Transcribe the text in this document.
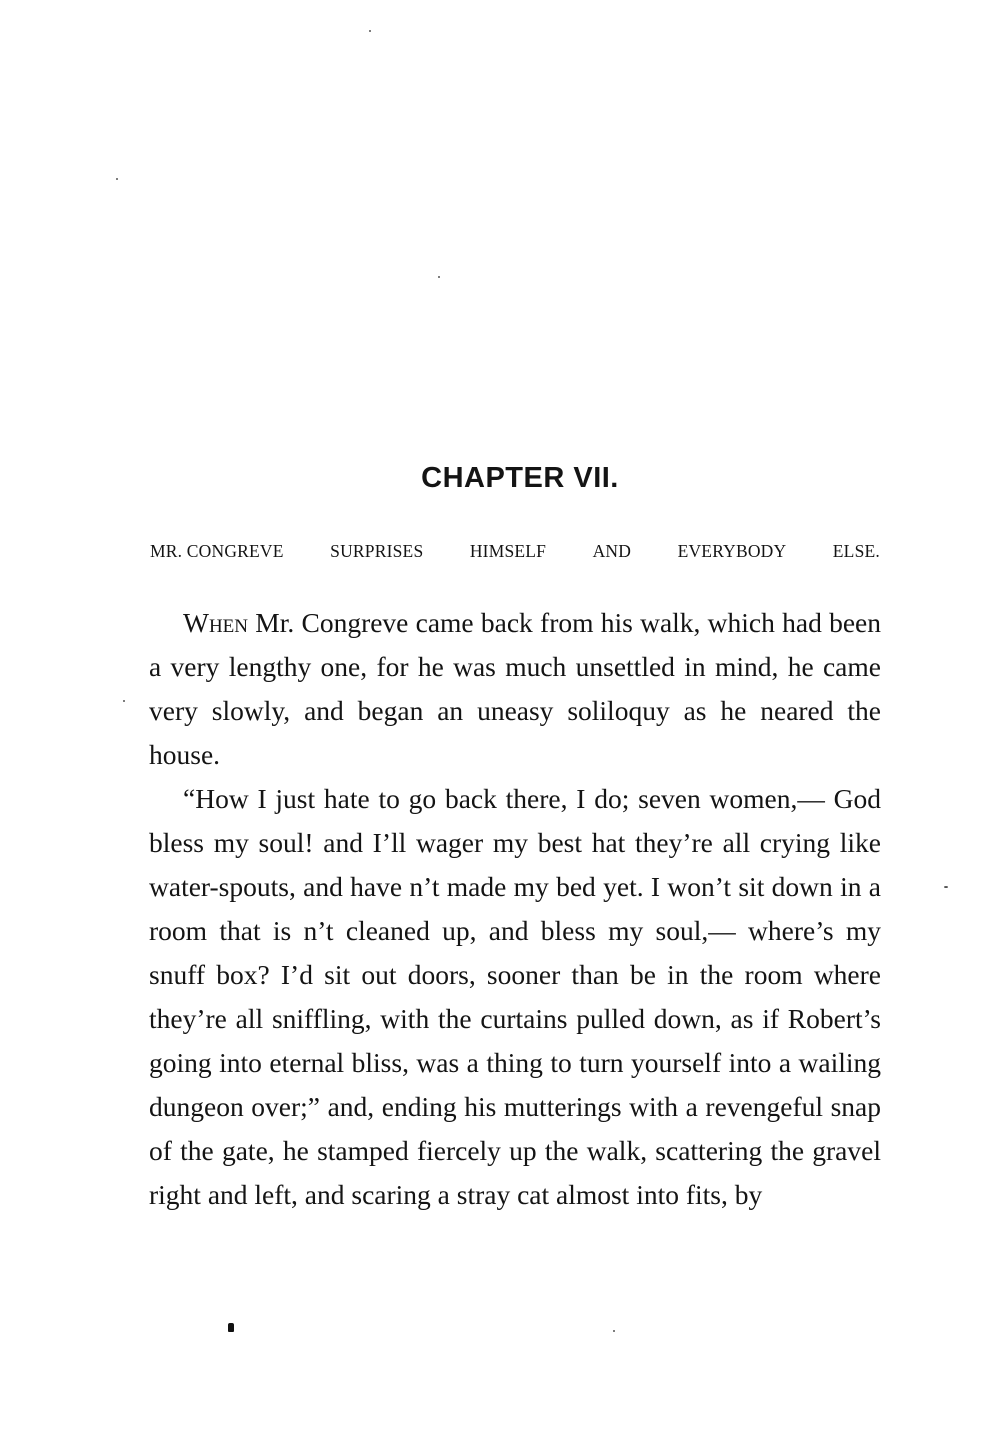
CHAPTER VII.
MR. CONGREVE	SURPRISES	HIMSELF	AND	EVERYBODY	ELSE.

When Mr. Congreve came back from his walk, which had been a very lengthy one, for he was much unsettled in mind, he came very slowly, and began an uneasy soliloquy as he neared the house.

“How I just hate to go back there, I do; seven women,— God bless my soul! and I’ll wager my best hat they’re all crying like water-spouts, and have n’t made my bed yet. I won’t sit down in a room that is n’t cleaned up, and bless my soul,— where’s my snuff box? I’d sit out doors, sooner than be in the room where they’re all sniffling, with the curtains pulled down, as if Robert’s going into eternal bliss, was a thing to turn yourself into a wailing dungeon over;” and, ending his mutterings with a revengeful snap of the gate, he stamped fiercely up the walk, scattering the gravel right and left, and scaring a stray cat almost into fits, by
